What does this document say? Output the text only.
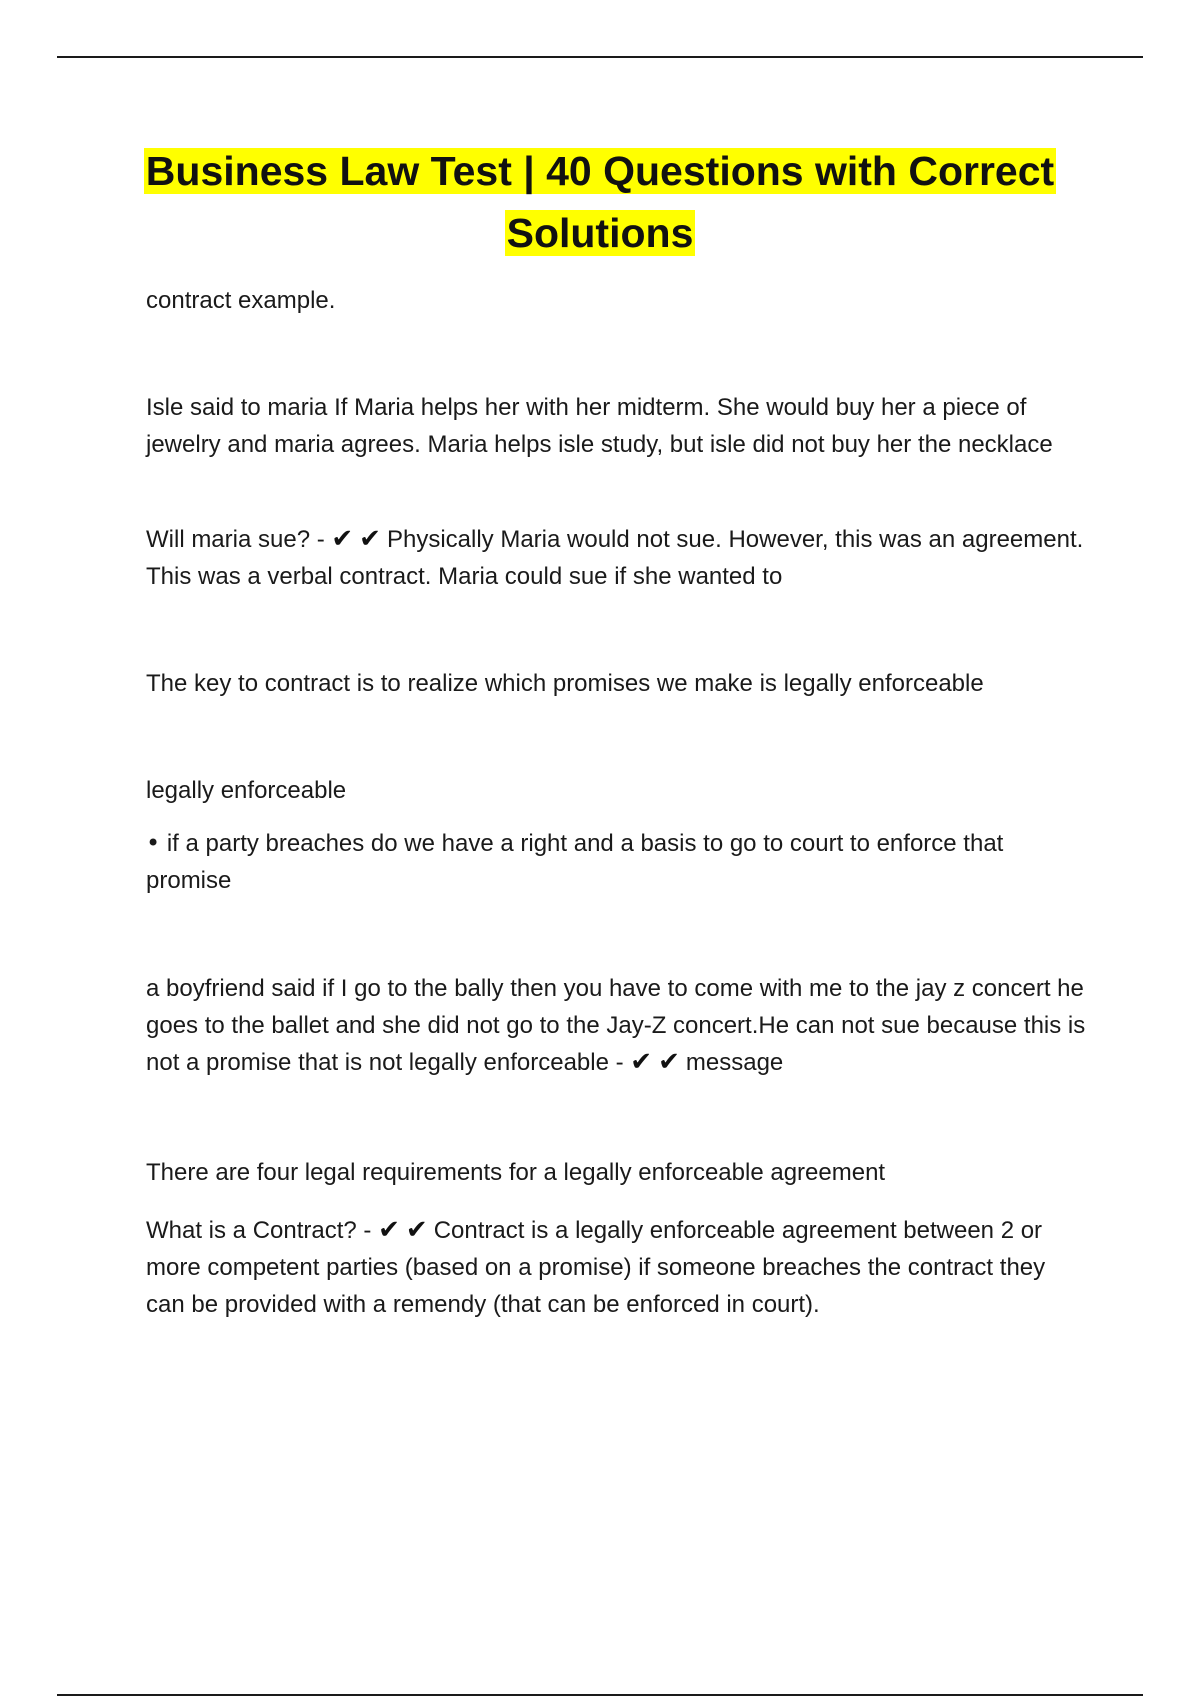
Business Law Test | 40 Questions with Correct
Solutions

contract example.

Isle said to maria If Maria helps her with her midterm. She would buy her a piece of jewelry and maria agrees. Maria helps isle study, but isle did not buy her the necklace

Will maria sue? - ✔ ✔ Physically Maria would not sue. However, this was an agreement. This was a verbal contract. Maria could sue if she wanted to

The key to contract is to realize which promises we make is legally enforceable

legally enforceable

• if a party breaches do we have a right and a basis to go to court to enforce that promise

a boyfriend said if I go to the bally then you have to come with me to the jay z concert he goes to the ballet and she did not go to the Jay-Z concert.He can not sue because this is not a promise that is not legally enforceable - ✔ ✔ message

There are four legal requirements for a legally enforceable agreement

What is a Contract? - ✔ ✔ Contract is a legally enforceable agreement between 2 or more competent parties (based on a promise) if someone breaches the contract they can be provided with a remendy (that can be enforced in court).
